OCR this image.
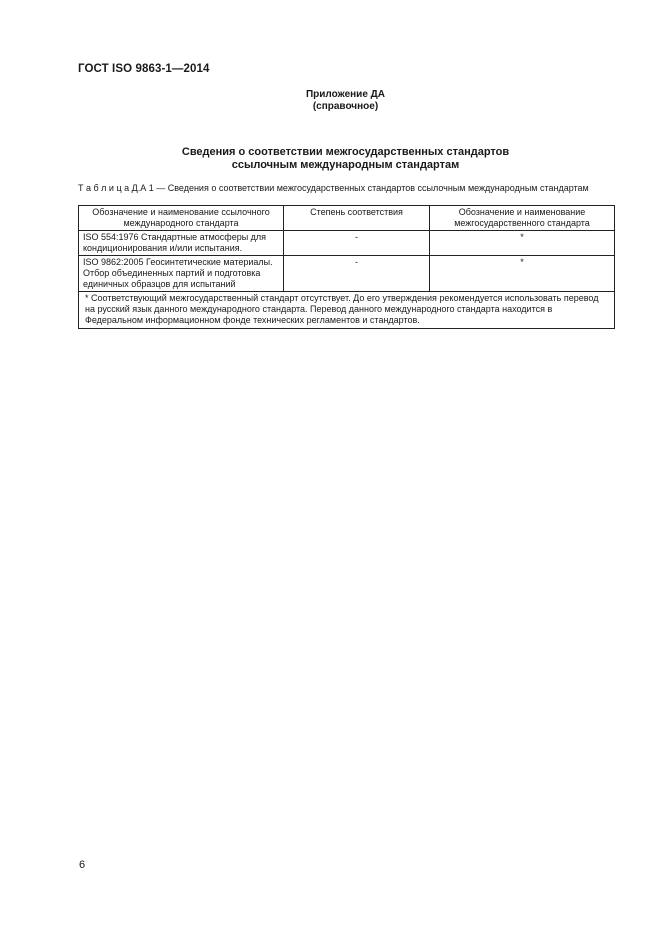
ГОСТ ISO 9863-1—2014
Приложение ДА
(справочное)
Сведения о соответствии межгосударственных стандартов
ссылочным международным стандартам
Т а б л и ц а Д.А 1 — Сведения о соответствии межгосударственных стандартов ссылочным международным стандартам
Обозначение и наименование ссылочного международного стандарта	Степень соответствия	Обозначение и наименование межгосударственного стандарта
ISO 554:1976 Стандартные атмосферы для кондиционирования и/или испытания.	-	*
ISO 9862:2005 Геосинтетические материалы. Отбор объединенных партий и подготовка единичных образцов для испытаний	-	*
* Соответствующий межгосударственный стандарт отсутствует. До его утверждения рекомендуется использовать перевод на русский язык данного международного стандарта. Перевод данного международного стандарта находится в Федеральном информационном фонде технических регламентов и стандартов.		
6
